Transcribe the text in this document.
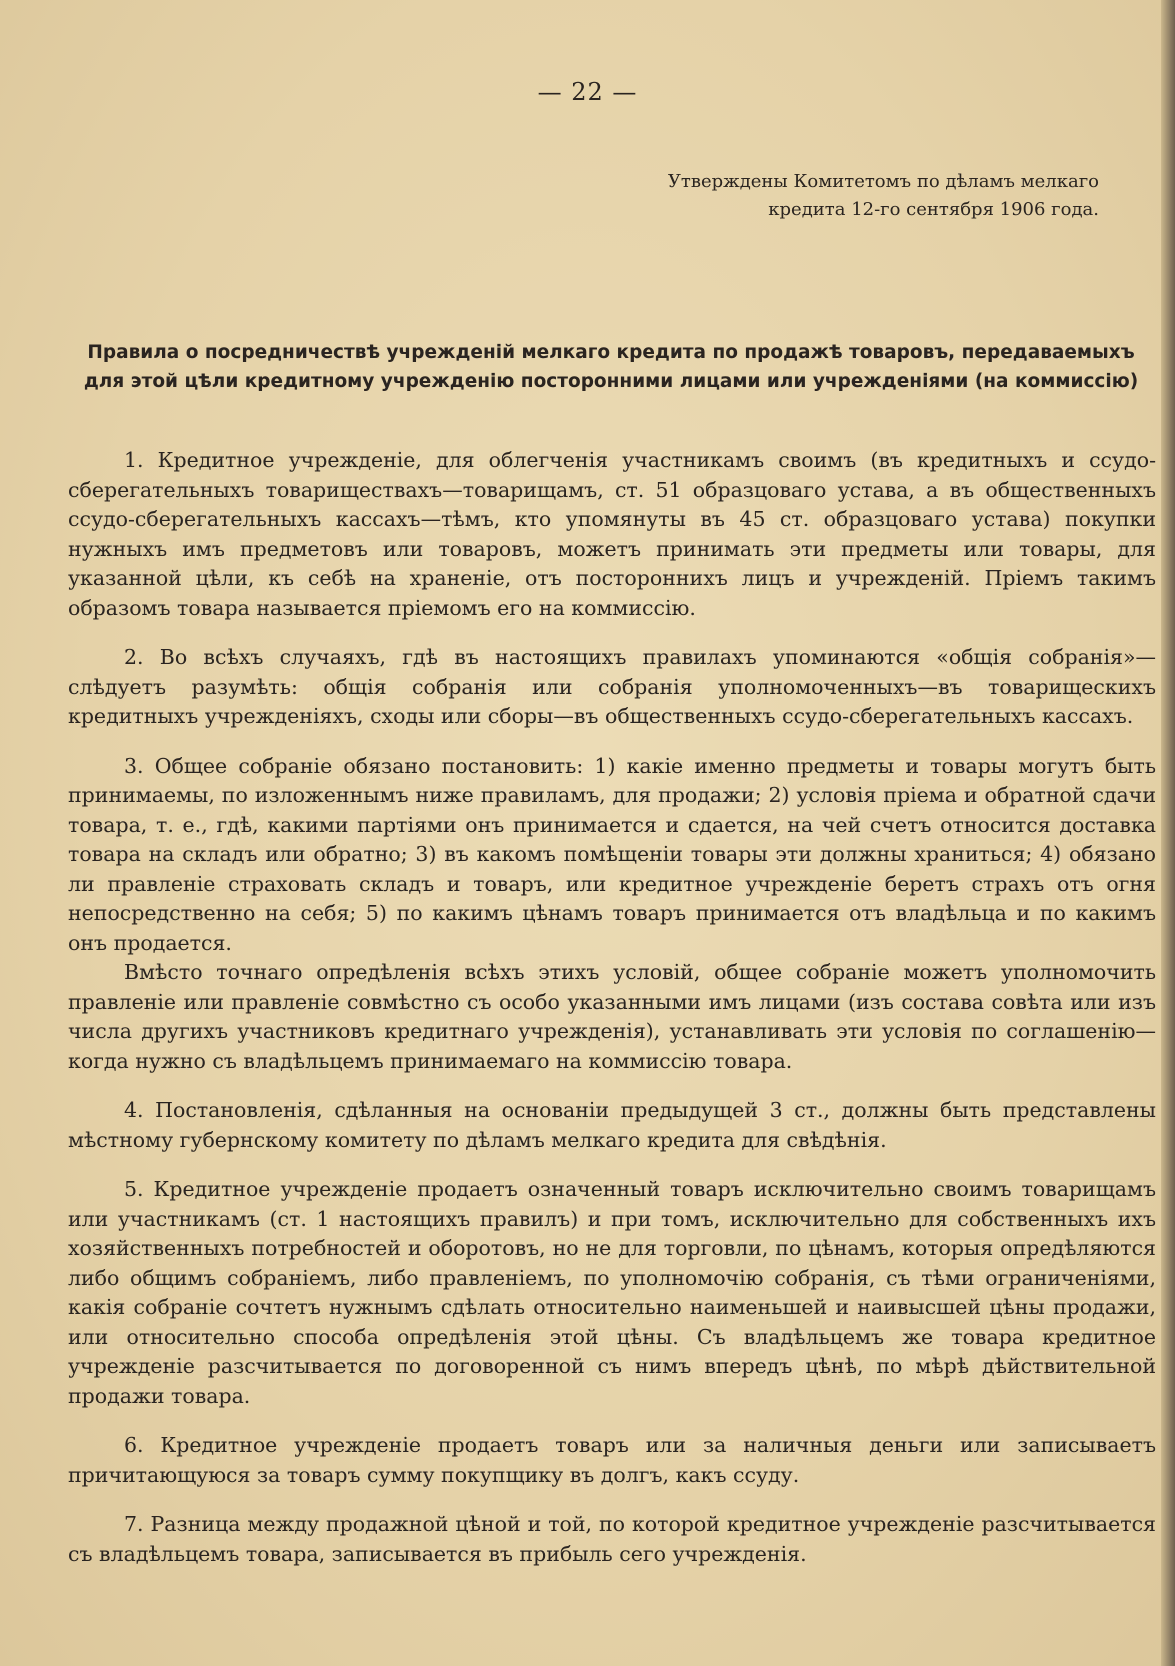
— 22 —
Утверждены Комитетомъ по дѣламъ мелкаго кредита 12-го сентября 1906 года.
Правила о посредничествѣ учрежденій мелкаго кредита по продажѣ товаровъ, передаваемыхъ для этой цѣли кредитному учрежденію посторонними лицами или учрежденіями (на коммиссію)

1. Кредитное учрежденіе, для облегченія участникамъ своимъ (въ кредитныхъ и ссудо-сберегательныхъ товариществахъ—товарищамъ, ст. 51 образцоваго устава, а въ общественныхъ ссудо-сберегательныхъ кассахъ—тѣмъ, кто упомянуты въ 45 ст. образцоваго устава) покупки нужныхъ имъ предметовъ или товаровъ, можетъ принимать эти предметы или товары, для указанной цѣли, къ себѣ на храненіе, отъ постороннихъ лицъ и учрежденій. Пріемъ такимъ образомъ товара называется пріемомъ его на коммиссію.

2. Во всѣхъ случаяхъ, гдѣ въ настоящихъ правилахъ упоминаются «общія собранія»—слѣдуетъ разумѣть: общія собранія или собранія уполномоченныхъ—въ товарищескихъ кредитныхъ учрежденіяхъ, сходы или сборы—въ общественныхъ ссудо-сберегательныхъ кассахъ.

3. Общее собраніе обязано постановить: 1) какіе именно предметы и товары могутъ быть принимаемы, по изложеннымъ ниже правиламъ, для продажи; 2) условія пріема и обратной сдачи товара, т. е., гдѣ, какими партіями онъ принимается и сдается, на чей счетъ относится доставка товара на складъ или обратно; 3) въ какомъ помѣщеніи товары эти должны храниться; 4) обязано ли правленіе страховать складъ и товаръ, или кредитное учрежденіе беретъ страхъ отъ огня непосредственно на себя; 5) по какимъ цѣнамъ товаръ принимается отъ владѣльца и по какимъ онъ продается.

Вмѣсто точнаго опредѣленія всѣхъ этихъ условій, общее собраніе можетъ уполномочить правленіе или правленіе совмѣстно съ особо указанными имъ лицами (изъ состава совѣта или изъ числа другихъ участниковъ кредитнаго учрежденія), устанавливать эти условія по соглашенію—когда нужно съ владѣльцемъ принимаемаго на коммиссію товара.

4. Постановленія, сдѣланныя на основаніи предыдущей 3 ст., должны быть представлены мѣстному губернскому комитету по дѣламъ мелкаго кредита для свѣдѣнія.

5. Кредитное учрежденіе продаетъ означенный товаръ исключительно своимъ товарищамъ или участникамъ (ст. 1 настоящихъ правилъ) и при томъ, исключительно для собственныхъ ихъ хозяйственныхъ потребностей и оборотовъ, но не для торговли, по цѣнамъ, которыя опредѣляются либо общимъ собраніемъ, либо правленіемъ, по уполномочію собранія, съ тѣми ограниченіями, какія собраніе сочтетъ нужнымъ сдѣлать относительно наименьшей и наивысшей цѣны продажи, или относительно способа опредѣленія этой цѣны. Съ владѣльцемъ же товара кредитное учрежденіе разсчитывается по договоренной съ нимъ впередъ цѣнѣ, по мѣрѣ дѣйствительной продажи товара.

6. Кредитное учрежденіе продаетъ товаръ или за наличныя деньги или записываетъ причитающуюся за товаръ сумму покупщику въ долгъ, какъ ссуду.

7. Разница между продажной цѣной и той, по которой кредитное учрежденіе разсчитывается съ владѣльцемъ товара, записывается въ прибыль сего учрежденія.
